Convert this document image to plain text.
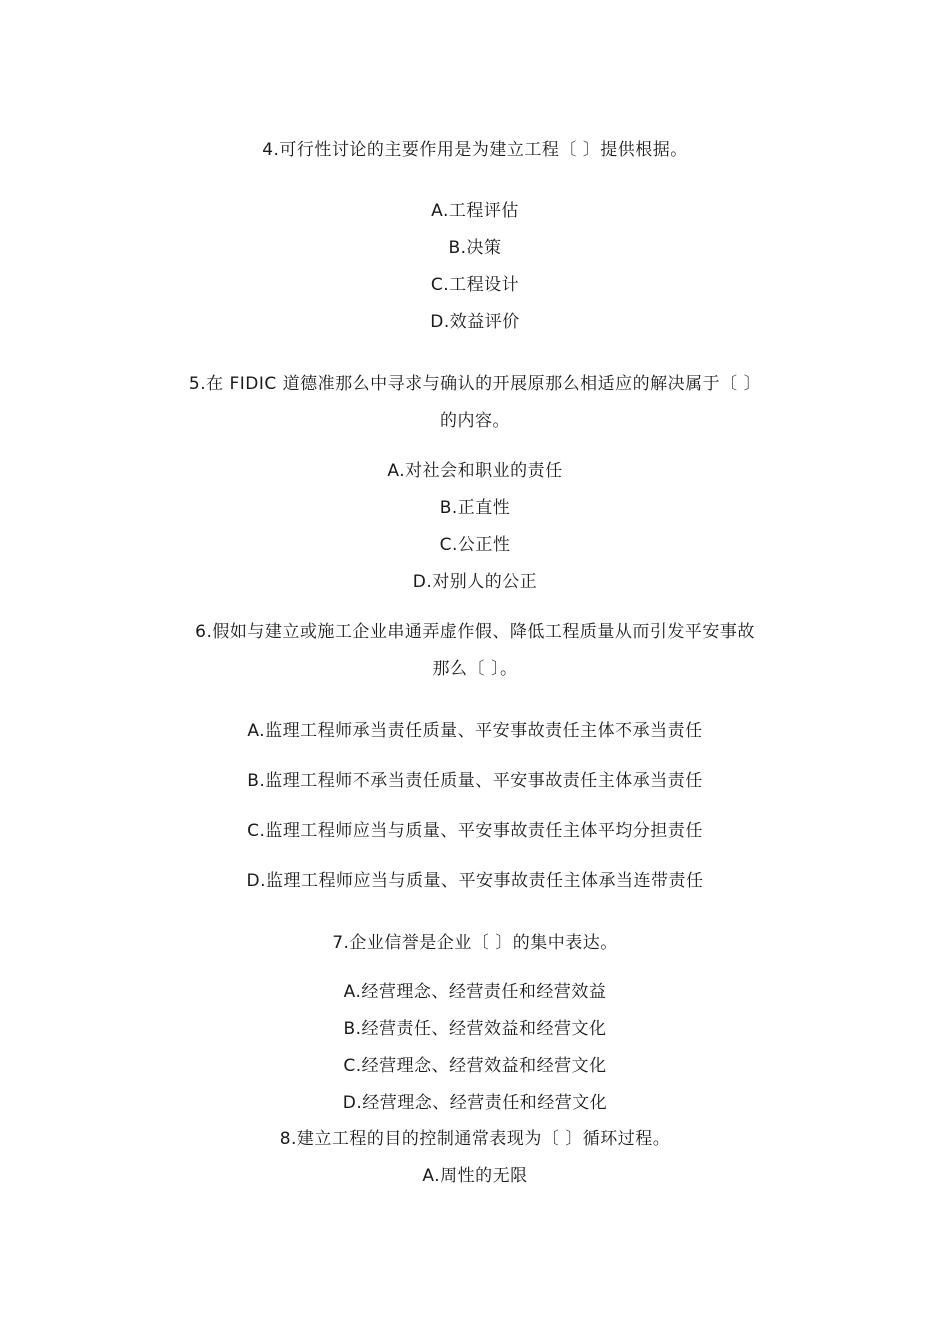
4.可行性讨论的主要作用是为建立工程〔 〕提供根据。
A.工程评估
B.决策
C.工程设计
D.效益评价
5.在 FIDIC 道德准那么中寻求与确认的开展原那么相适应的解决属于〔 〕
的内容。
A.对社会和职业的责任
B.正直性
C.公正性
D.对别人的公正
6.假如与建立或施工企业串通弄虚作假、降低工程质量从而引发平安事故
那么〔 〕。
A.监理工程师承当责任质量、平安事故责任主体不承当责任
B.监理工程师不承当责任质量、平安事故责任主体承当责任
C.监理工程师应当与质量、平安事故责任主体平均分担责任
D.监理工程师应当与质量、平安事故责任主体承当连带责任
7.企业信誉是企业〔 〕的集中表达。
A.经营理念、经营责任和经营效益
B.经营责任、经营效益和经营文化
C.经营理念、经营效益和经营文化
D.经营理念、经营责任和经营文化
8.建立工程的目的控制通常表现为〔 〕循环过程。
A.周性的无限
